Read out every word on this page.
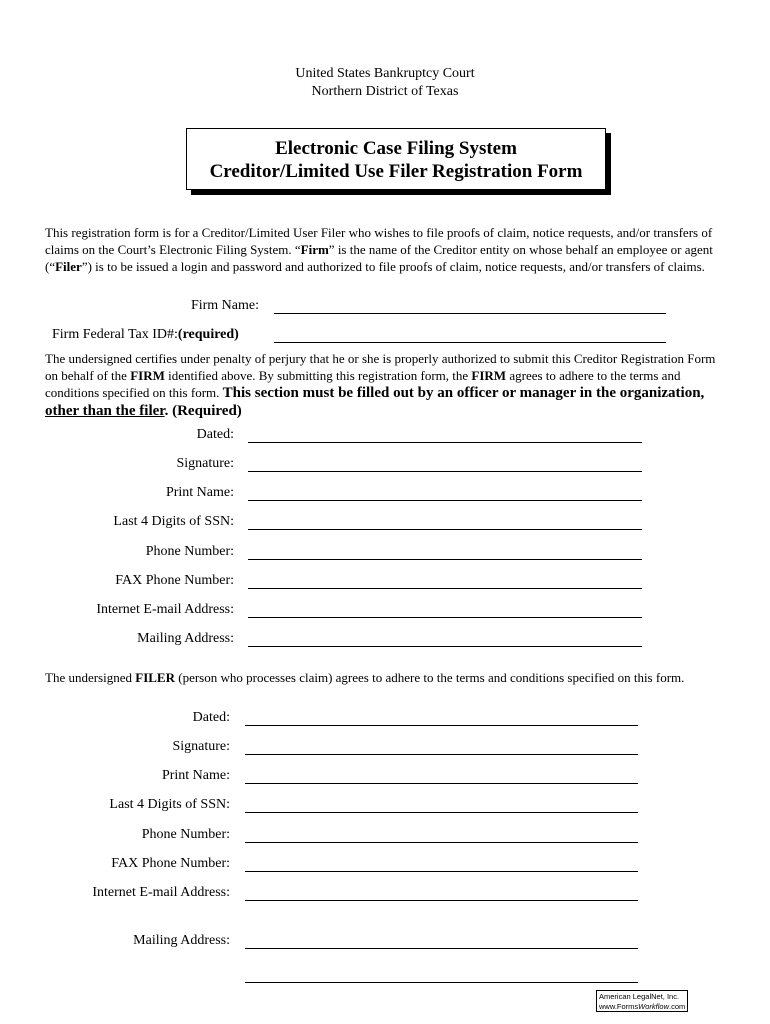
United States Bankruptcy Court
Northern District of Texas
Electronic Case Filing System
Creditor/Limited Use Filer Registration Form
This registration form is for a Creditor/Limited User Filer who wishes to file proofs of claim, notice requests, and/or transfers of claims on the Court’s Electronic Filing System. “Firm” is the name of the Creditor entity on whose behalf an employee or agent (“Filer”) is to be issued a login and password and authorized to file proofs of claim, notice requests, and/or transfers of claims.
Firm Name:
Firm Federal Tax ID#:(required)
The undersigned certifies under penalty of perjury that he or she is properly authorized to submit this Creditor Registration Form on behalf of the FIRM identified above. By submitting this registration form, the FIRM agrees to adhere to the terms and conditions specified on this form. This section must be filled out by an officer or manager in the organization, other than the filer. (Required)
Dated:
Signature:
Print Name:
Last 4 Digits of SSN:
Phone Number:
FAX Phone Number:
Internet E-mail Address:
Mailing Address:
The undersigned FILER (person who processes claim) agrees to adhere to the terms and conditions specified on this form.
Dated:
Signature:
Print Name:
Last 4 Digits of SSN:
Phone Number:
FAX Phone Number:
Internet E-mail Address:
Mailing Address:
American LegalNet, Inc.
www.FormsWorkflow.com
